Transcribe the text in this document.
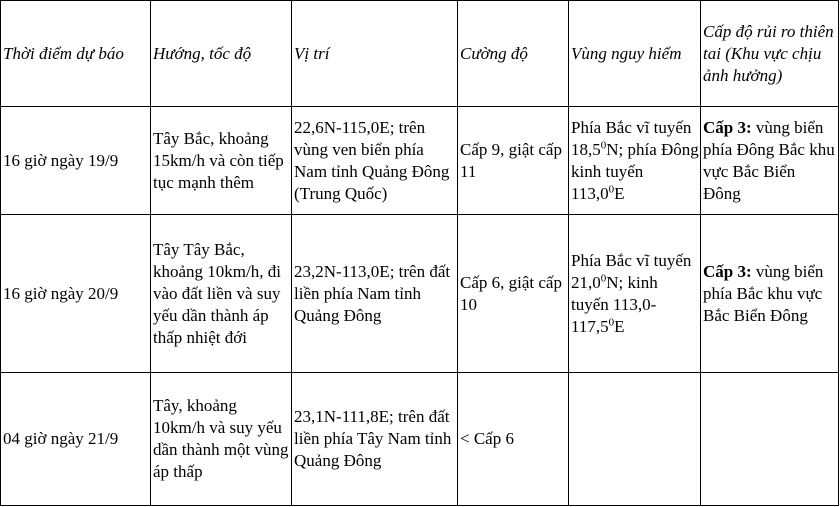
Thời điểm dự báo	Hướng, tốc độ	Vị trí	Cường độ	Vùng nguy hiểm	Cấp độ rủi ro thiên tai (Khu vực chịu ảnh hưởng)
16 giờ ngày 19/9	Tây Bắc, khoảng 15km/h và còn tiếp tục mạnh thêm	22,6N-115,0E; trên vùng ven biển phía Nam tỉnh Quảng Đông (Trung Quốc)	Cấp 9, giật cấp 11	Phía Bắc vĩ tuyến 18,5$^0$N; phía Đông kinh tuyến 113,0$^0$E	Cấp 3: vùng biển phía Đông Bắc khu vực Bắc Biển Đông
16 giờ ngày 20/9	Tây Tây Bắc, khoảng 10km/h, đi vào đất liền và suy yếu dần thành áp thấp nhiệt đới	23,2N-113,0E; trên đất liền phía Nam tỉnh Quảng Đông	Cấp 6, giật cấp 10	Phía Bắc vĩ tuyến 21,0$^0$N; kinh tuyến 113,0-117,5$^0$E	Cấp 3: vùng biển phía Bắc khu vực Bắc Biển Đông
04 giờ ngày 21/9	Tây, khoảng 10km/h và suy yếu dần thành một vùng áp thấp	23,1N-111,8E; trên đất liền phía Tây Nam tỉnh Quảng Đông	< Cấp 6		
